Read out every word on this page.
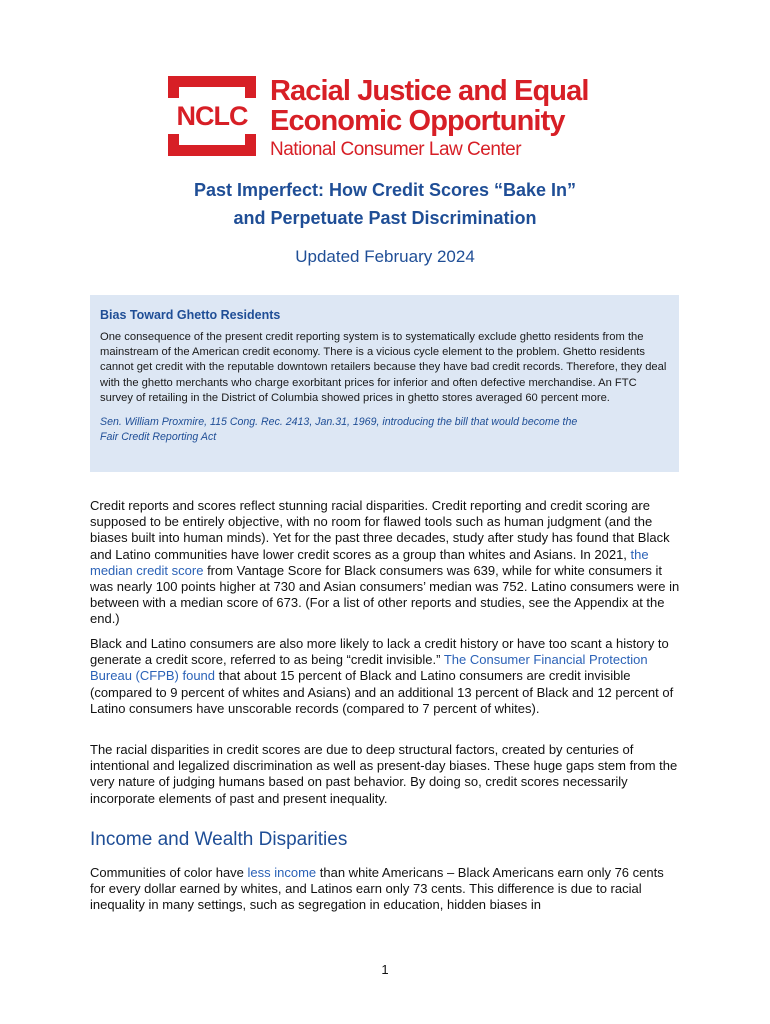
NCLC
Racial Justice and Equal
Economic Opportunity
National Consumer Law Center
Past Imperfect: How Credit Scores “Bake In”
and Perpetuate Past Discrimination
Updated February 2024
Bias Toward Ghetto Residents
One consequence of the present credit reporting system is to systematically exclude ghetto residents from the mainstream of the American credit economy. There is a vicious cycle element to the problem. Ghetto residents cannot get credit with the reputable downtown retailers because they have bad credit records. Therefore, they deal with the ghetto merchants who charge exorbitant prices for inferior and often defective merchandise. An FTC survey of retailing in the District of Columbia showed prices in ghetto stores averaged 60 percent more.
Sen. William Proxmire, 115 Cong. Rec. 2413, Jan.31, 1969, introducing the bill that would become the
Fair Credit Reporting Act

Credit reports and scores reflect stunning racial disparities. Credit reporting and credit scoring are supposed to be entirely objective, with no room for flawed tools such as human judgment (and the biases built into human minds). Yet for the past three decades, study after study has found that Black and Latino communities have lower credit scores as a group than whites and Asians. In 2021, the median credit score from Vantage Score for Black consumers was 639, while for white consumers it was nearly 100 points higher at 730 and Asian consumers’ median was 752. Latino consumers were in between with a median score of 673. (For a list of other reports and studies, see the Appendix at the end.)

Black and Latino consumers are also more likely to lack a credit history or have too scant a history to generate a credit score, referred to as being “credit invisible.” The Consumer Financial Protection Bureau (CFPB) found that about 15 percent of Black and Latino consumers are credit invisible (compared to 9 percent of whites and Asians) and an additional 13 percent of Black and 12 percent of Latino consumers have unscorable records (compared to 7 percent of whites).

The racial disparities in credit scores are due to deep structural factors, created by centuries of intentional and legalized discrimination as well as present-day biases. These huge gaps stem from the very nature of judging humans based on past behavior. By doing so, credit scores necessarily incorporate elements of past and present inequality.

Income and Wealth Disparities

Communities of color have less income than white Americans – Black Americans earn only 76 cents for every dollar earned by whites, and Latinos earn only 73 cents. This difference is due to racial inequality in many settings, such as segregation in education, hidden biases in

1
